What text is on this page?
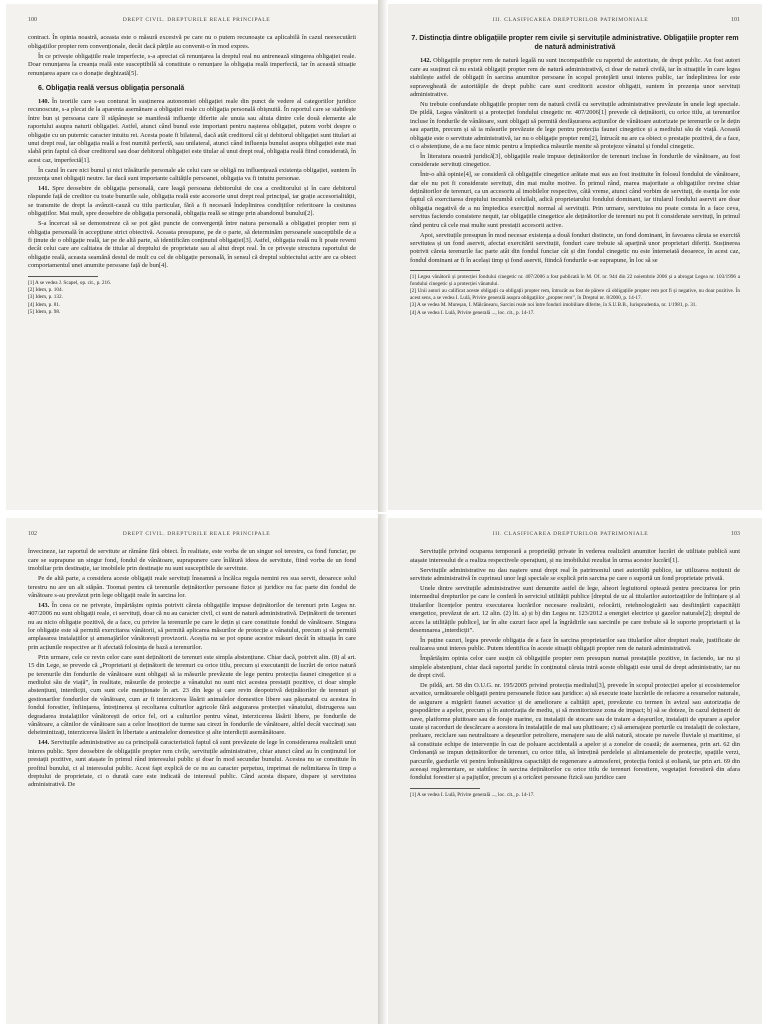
100	DREPT CIVIL. DREPTURILE REALE PRINCIPALE

contract. În opinia noastră, aceasta este o măsură excesivă pe care nu o putem recunoaște ca aplicabilă în cazul neexecutării obligațiilor propter rem convenționale, decât dacă părțile au convenit-o în mod expres.

În ce privește obligațiile reale imperfecte, s-a apreciat că renunțarea la dreptul real nu antrenează stingerea obligației reale. Doar renunțarea la creanța reală este susceptibilă să constituie o renunțare la obligația reală imperfectă, iar în această situație renunțarea apare ca o donație deghizată[5].

6. Obligația reală versus obligația personală

140. În teoriile care s-au conturat în susținerea autonomiei obligației reale din punct de vedere al categoriilor juridice recunoscute, s-a plecat de la aparenta asemănare a obligației reale cu obligația personală obișnuită. În raportul care se stabilește între bun și persoana care îl stăpânește se manifestă influențe diferite ale unuia sau altuia dintre cele două elemente ale raportului asupra naturii obligației. Astfel, atunci când bunul este important pentru nașterea obligației, putem vorbi despre o obligație cu un puternic caracter intuitu rei. Acesta poate fi bilateral, dacă atât creditorul cât și debitorul obligației sunt titulari ai unui drept real, iar obligația reală a fost numită perfectă, sau unilateral, atunci când influența bunului asupra obligației este mai slabă prin faptul că doar creditorul sau doar debitorul obligației este titular al unui drept real, obligația reală fiind considerată, în acest caz, imperfectă[1].

În cazul în care nici bunul și nici trăsăturile personale ale celui care se obligă nu influențează existența obligației, suntem în prezența unei obligații neutre. Iar dacă sunt importante calitățile persoanei, obligația va fi intuitu personae.

141. Spre deosebire de obligația personală, care leagă persoana debitorului de cea a creditorului și în care debitorul răspunde față de creditor cu toate bunurile sale, obligația reală este accesorie unui drept real principal, iar grație accesorialității, se transmite de drept la avânzii-cauză cu titlu particular, fără a fi necesară îndeplinirea condițiilor referitoare la cesiunea obligațiilor. Mai mult, spre deosebire de obligația personală, obligația reală se stinge prin abandonul bunului[2].

S-a încercat să se demonstreze că se pot găsi puncte de convergență între natura personală a obligației propter rem și obligația personală în accepțiune strict obiectivă. Aceasta presupune, pe de o parte, să determinăm persoanele susceptibile de a fi ținute de o obligație reală, iar pe de altă parte, să identificăm conținutul obligației[3]. Astfel, obligația reală nu îi poate reveni decât celui care are calitatea de titular al dreptului de proprietate sau al altui drept real. În ce privește structura raportului de obligație reală, aceasta seamănă destul de mult cu cel de obligație personală, în sensul că dreptul subiectului activ are ca obiect comportamentul unei anumite persoane față de bun[4].

[1] A se vedea J. Scapel, op. cit., p. 216.

[2] Idem, p. 104.

[3] Idem, p. 132.

[4] Idem, p. 81.

[5] Idem, p. 98.

III. CLASIFICAREA DREPTURILOR PATRIMONIALE	101
7. Distincția dintre obligațiile propter rem civile și servituțile administrative. Obligațiile propter rem de natură administrativă

142. Obligațiile propter rem de natură legală nu sunt incompatibile cu raportul de autoritate, de drept public. Au fost autori care au susținut că nu există obligații propter rem de natură administrativă, ci doar de natură civilă, iar în situațiile în care legea stabilește astfel de obligații în sarcina anumitor persoane în scopul protejării unui interes public, iar îndeplinirea lor este supravegheată de autoritățile de drept public care sunt creditorii acestor obligații, suntem în prezența unor servituți administrative.

Nu trebuie confundate obligațiile propter rem de natură civilă cu servituțile administrative prevăzute în unele legi speciale. De pildă, Legea vânătorii și a protecției fondului cinegetic nr. 407/2006[1] prevede că deținătorii, cu orice titlu, ai terenurilor incluse în fondurile de vânătoare, sunt obligați să permită desfășurarea acțiunilor de vânătoare autorizate pe terenurile ce le dețin sau aparțin, precum și să ia măsurile prevăzute de lege pentru protecția faunei cinegetice și a mediului său de viață. Această obligație este o servitute administrativă, iar nu o obligație propter rem[2], întrucât nu are ca obiect o prestație pozitivă, de a face, ci o abstențiune, de a nu face nimic pentru a împiedica măsurile menite să protejeze vânatul și fondul cinegetic.

În literatura noastră juridică[3], obligațiile reale impuse deținătorilor de terenuri incluse în fondurile de vânătoare, au fost considerate servituți cinegetice.

Într-o altă opinie[4], se consideră că obligațiile cinegetice arătate mai sus au fost instituite în folosul fondului de vânătoare, dar ele nu pot fi considerate servituți, din mai multe motive. În primul rând, marea majoritate a obligațiilor revine chiar deținătorilor de terenuri, ca un accesoriu al imobilelor respective, câtă vreme, atunci când vorbim de servituți, de esența lor este faptul că exercitarea dreptului incumbă celuilalt, adică proprietarului fondului dominant, iar titularul fondului aservit are doar obligația negativă de a nu împiedica exercițiul normal al servituții. Prin urmare, servitutea nu poate consta în a face ceva, servitus faciendo consistere nequit, iar obligațiile cinegetice ale deținătorilor de terenuri nu pot fi considerate servituți, în primul rând pentru că cele mai multe sunt prestații accesorii active.

Apoi, servituțile presupun în mod necesar existența a două fonduri distincte, un fond dominant, în favoarea căruia se exercită servitutea și un fond aservit, afectat exercitării servituții, fonduri care trebuie să aparțină unor proprietari diferiți. Susținerea potrivit căreia terenurile fac parte atât din fondul funciar cât și din fondul cinegetic nu este întemeiată deoarece, în acest caz, fondul dominant ar fi în același timp și fond aservit, fiindcă fondurile s-ar suprapune, în loc să se

[1] Legea vânătorii și protecției fondului cinegetic nr. 407/2006 a fost publicată în M. Of. nr. 944 din 22 noiembrie 2006 și a abrogat Legea nr. 103/1996 a fondului cinegetic și a protecției vânatului.

[2] Unii autori au calificat aceste obligații ca obligații propter rem, întrucât au fost de părere că obligațiile propter rem pot fi și negative, nu doar pozitive. În acest sens, a se vedea I. Lulă, Privire generală asupra obligațiilor „propter rem”, în Dreptul nr. 8/2000, p. 14-17.

[3] A se vedea M. Mureșan, I. Mălcănearu, Sarcini reale noi între fonduri imobiliare diferite, în S.U.B.B., Iurisprudentia, nr. 1/1981, p. 31.

[4] A se vedea I. Lulă, Privire generală ..., loc. cit., p. 14-17.

102	DREPT CIVIL. DREPTURILE REALE PRINCIPALE

învecineze, iar raportul de servitute ar rămâne fără obiect. În realitate, este vorba de un singur sol terestru, ca fond funciar, pe care se suprapune un singur fond, fondul de vânătoare, suprapunere care înlătură ideea de servitute, fiind vorba de un fond imobiliar prin destinație, iar imobilele prin destinație nu sunt susceptibile de servitute.

Pe de altă parte, a considera aceste obligații reale servituți înseamnă a încălca regula nemini res sua servit, deoarece solul terestru nu are un alt stăpân. Toomai pentru că terenurile deținătorilor persoane fizice și juridice nu fac parte din fondul de vânătoare s-au prevăzut prin lege obligații reale în sarcina lor.

143. În ceea ce ne privește, împărtășim opinia potrivit căreia obligațiile impuse deținătorilor de terenuri prin Legea nr. 407/2006 nu sunt obligații reale, ci servituți, doar că nu au caracter civil, ci sunt de natură administrativă. Deținătorii de terenuri nu au nicio obligație pozitivă, de a face, cu privire la terenurile pe care le dețin și care constituie fondul de vânătoare. Singura lor obligație este să permită exercitarea vânătorii, să permită aplicarea măsurilor de protecție a vânatului, precum și să permită amplasarea instalațiilor și amenajărilor vânătorești provizorii. Aceștia nu se pot opune acestor măsuri decât în situația în care prin acțiunile respective ar fi afectată folosința de bază a terenurilor.

Prin urmare, cele ce revin celor care sunt deținătorii de terenuri este simpla abstențiune. Chiar dacă, potrivit alin. (8) al art. 15 din Lege, se prevede că „Proprietarii și deținătorii de terenuri cu orice titlu, precum și executanții de lucrări de orice natură pe terenurile din fondurile de vânătoare sunt obligați să ia măsurile prevăzute de lege pentru protecția faunei cinegetice și a mediului său de viață”, în realitate, măsurile de protecție a vânatului nu sunt nici acestea prestații pozitive, ci doar simple abstențiuni, interdicții, cum sunt cele menționate în art. 23 din lege și care revin deopotrivă deținătorilor de terenuri și gestionarilor fondurilor de vânătoare, cum ar fi interzicerea lăsării animalelor domestice libere sau pășunatul cu acestea în fondul forestier, înființarea, întreținerea și recoltarea culturilor agricole fără asigurarea protecției vânatului, distrugerea sau degradarea instalațiilor vânătorești de orice fel, ori a culturilor pentru vânat, interzicerea lăsării libere, pe fondurile de vânătoare, a câinilor de vânătoare sau a celor însoțitori de turme sau cirezi în fondurile de vânătoare, altfel decât vaccinați sau deheimintizați, interzicerea lăsării în libertate a animalelor domestice și alte interdicții asemănătoare.

144. Servituțile administrative au ca principală caracteristică faptul că sunt prevăzute de lege în considerarea realizării unui interes public. Spre deosebire de obligațiile propter rem civile, servituțile administrative, chiar atunci când au în conținutul lor prestații pozitive, sunt atașate în primul rând interesului public și doar în mod secundar bunului. Acestea nu se constituie în profitul bunului, ci al interesului public. Acest fapt explică de ce nu au caracter perpetuu, imprimat de nelimitarea în timp a dreptului de proprietate, ci o durată care este indicată de interesul public. Când acesta dispare, dispare și servitutea administrativă. De

III. CLASIFICAREA DREPTURILOR PATRIMONIALE	103

Servituțile privind ocuparea temporară a proprietăți private în vederea realizării anumitor lucrări de utilitate publică sunt atașate interesului de a realiza respectivele operațiuni, și nu imobilului rezultat în urma acestor lucrări[1].

Servituțile administrative nu dau naștere unui drept real în patrimoniul unei autorități publice, iar utilizarea noțiunii de servitute administrativă în cuprinsul unor legi speciale se explică prin sarcina pe care o suportă un fond proprietate privată.

Unele dintre servituțile administrative sunt denumite astfel de lege, alteori legiuitorul optează pentru precizarea lor prin intermediul drepturilor pe care le conferă în serviciul utilității publice [dreptul de uz al titularilor autorizațiilor de înființare și al titularilor licențelor pentru executarea lucrărilor necesare realizării, relocării, retehnologizării sau desființării capacității energetice, prevăzut de art. 12 alin. (2) lit. a) și b) din Legea nr. 123/2012 a energiei electrice și gazelor naturale[2]; dreptul de acces la utilitățile publice], iar în alte cazuri face apel la îngrădirile sau sarcinile pe care trebuie să le suporte proprietarii și la desemnarea „interdicții”.

În puține cazuri, legea prevede obligația de a face în sarcina proprietarilor sau titularilor altor drepturi reale, justificate de realizarea unui interes public. Putem identifica în aceste situații obligații propter rem de natură administrativă.

Împărtășim opinia celor care susțin că obligațiile propter rem presupun numai prestațiile pozitive, in faciendo, iar nu și simplele abstențiuni, chiar dacă raportul juridic în conținutul căruia intră aceste obligații este unul de drept administrativ, iar nu de drept civil.

De pildă, art. 58 din O.U.G. nr. 195/2005 privind protecția mediului[3], prevede în scopul protecției apelor și ecosistemelor acvatice, următoarele obligații pentru persoanele fizice sau juridice: a) să execute toate lucrările de refacere a resurselor naturale, de asigurare a migrării faunei acvatice și de ameliorare a calității apei, prevăzute cu termen în avizul sau autorizația de gospodărire a apelor, precum și în autorizația de mediu, și să monitorizeze zona de impact; b) să se doteze, în cazul deținerii de nave, platforme plutitoare sau de foraje marine, cu instalații de stocare sau de tratare a deșeurilor, instalații de epurare a apelor uzate și racorduri de descărcare a acestora în instalațiile de mal sau plutitoare; c) să amenajeze porturile cu instalații de colectare, preluare, reciclare sau neutralizare a deșeurilor petroliere, menajere sau de altă natură, stocate pe navele fluviale și maritime, și să constituie echipe de intervenție în caz de poluare accidentală a apelor și a zonelor de coastă; de asemenea, prin art. 62 din Ordonanță se impun deținătorilor de terenuri, cu orice titlu, să întrețină perdelele și aliniamentele de protecție, spațiile verzi, parcurile, gardurile vii pentru îmbunătățirea capacității de regenerare a atmosferei, protecția fonică și eoliană, iar prin art. 69 din aceeași reglementare, se stabilesc în sarcina deținătorilor cu orice titlu de terenuri forestiere, vegetației forestieră din afara fondului forestier și a pajiștilor, precum și a oricărei persoane fizică sau juridice care

[1] A se vedea I. Lulă, Privire generală ..., loc. cit., p. 14-17.
